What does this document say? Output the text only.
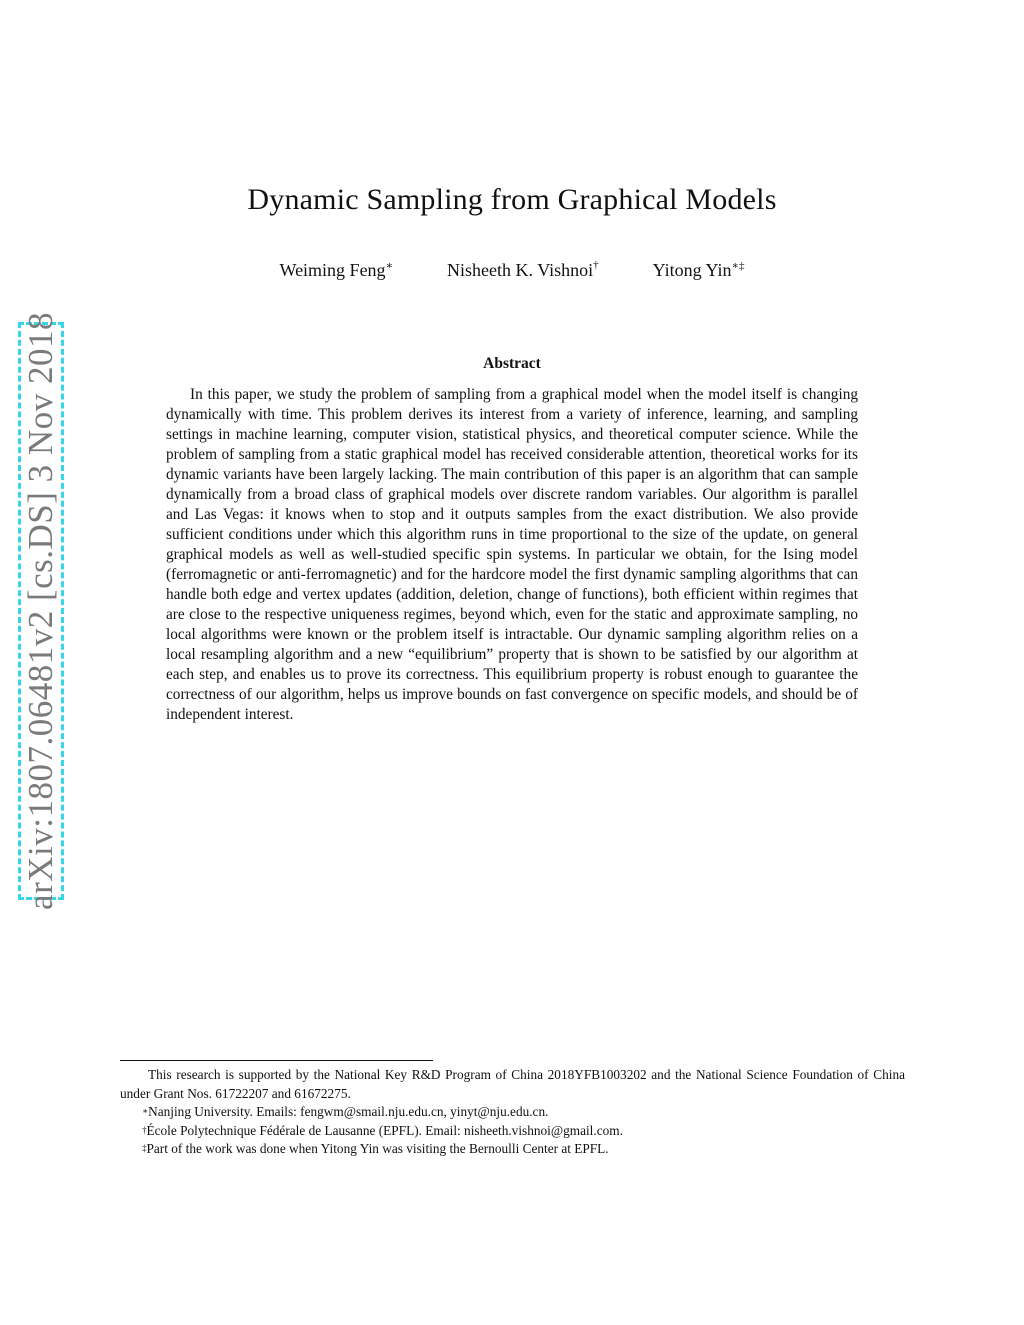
arXiv:1807.06481v2 [cs.DS] 3 Nov 2018
Dynamic Sampling from Graphical Models
Weiming Feng∗	Nisheeth K. Vishnoi†	Yitong Yin∗‡
Abstract

In this paper, we study the problem of sampling from a graphical model when the model itself is changing dynamically with time. This problem derives its interest from a variety of inference, learning, and sampling settings in machine learning, computer vision, statistical physics, and theoretical computer science. While the problem of sampling from a static graphical model has received considerable attention, theoretical works for its dynamic variants have been largely lacking. The main contribution of this paper is an algorithm that can sample dynamically from a broad class of graphical models over discrete random variables. Our algorithm is parallel and Las Vegas: it knows when to stop and it outputs samples from the exact distribution. We also provide sufficient conditions under which this algorithm runs in time proportional to the size of the update, on general graphical models as well as well-studied specific spin systems. In particular we obtain, for the Ising model (ferromagnetic or anti-ferromagnetic) and for the hardcore model the first dynamic sampling algorithms that can handle both edge and vertex updates (addition, deletion, change of functions), both efficient within regimes that are close to the respective uniqueness regimes, beyond which, even for the static and approximate sampling, no local algorithms were known or the problem itself is intractable. Our dynamic sampling algorithm relies on a local resampling algorithm and a new “equilibrium” property that is shown to be satisfied by our algorithm at each step, and enables us to prove its correctness. This equilibrium property is robust enough to guarantee the correctness of our algorithm, helps us improve bounds on fast convergence on specific models, and should be of independent interest.

This research is supported by the National Key R&D Program of China 2018YFB1003202 and the National Science Foundation of China under Grant Nos. 61722207 and 61672275.

∗Nanjing University. Emails: fengwm@smail.nju.edu.cn, yinyt@nju.edu.cn.

†École Polytechnique Fédérale de Lausanne (EPFL). Email: nisheeth.vishnoi@gmail.com.

‡Part of the work was done when Yitong Yin was visiting the Bernoulli Center at EPFL.
